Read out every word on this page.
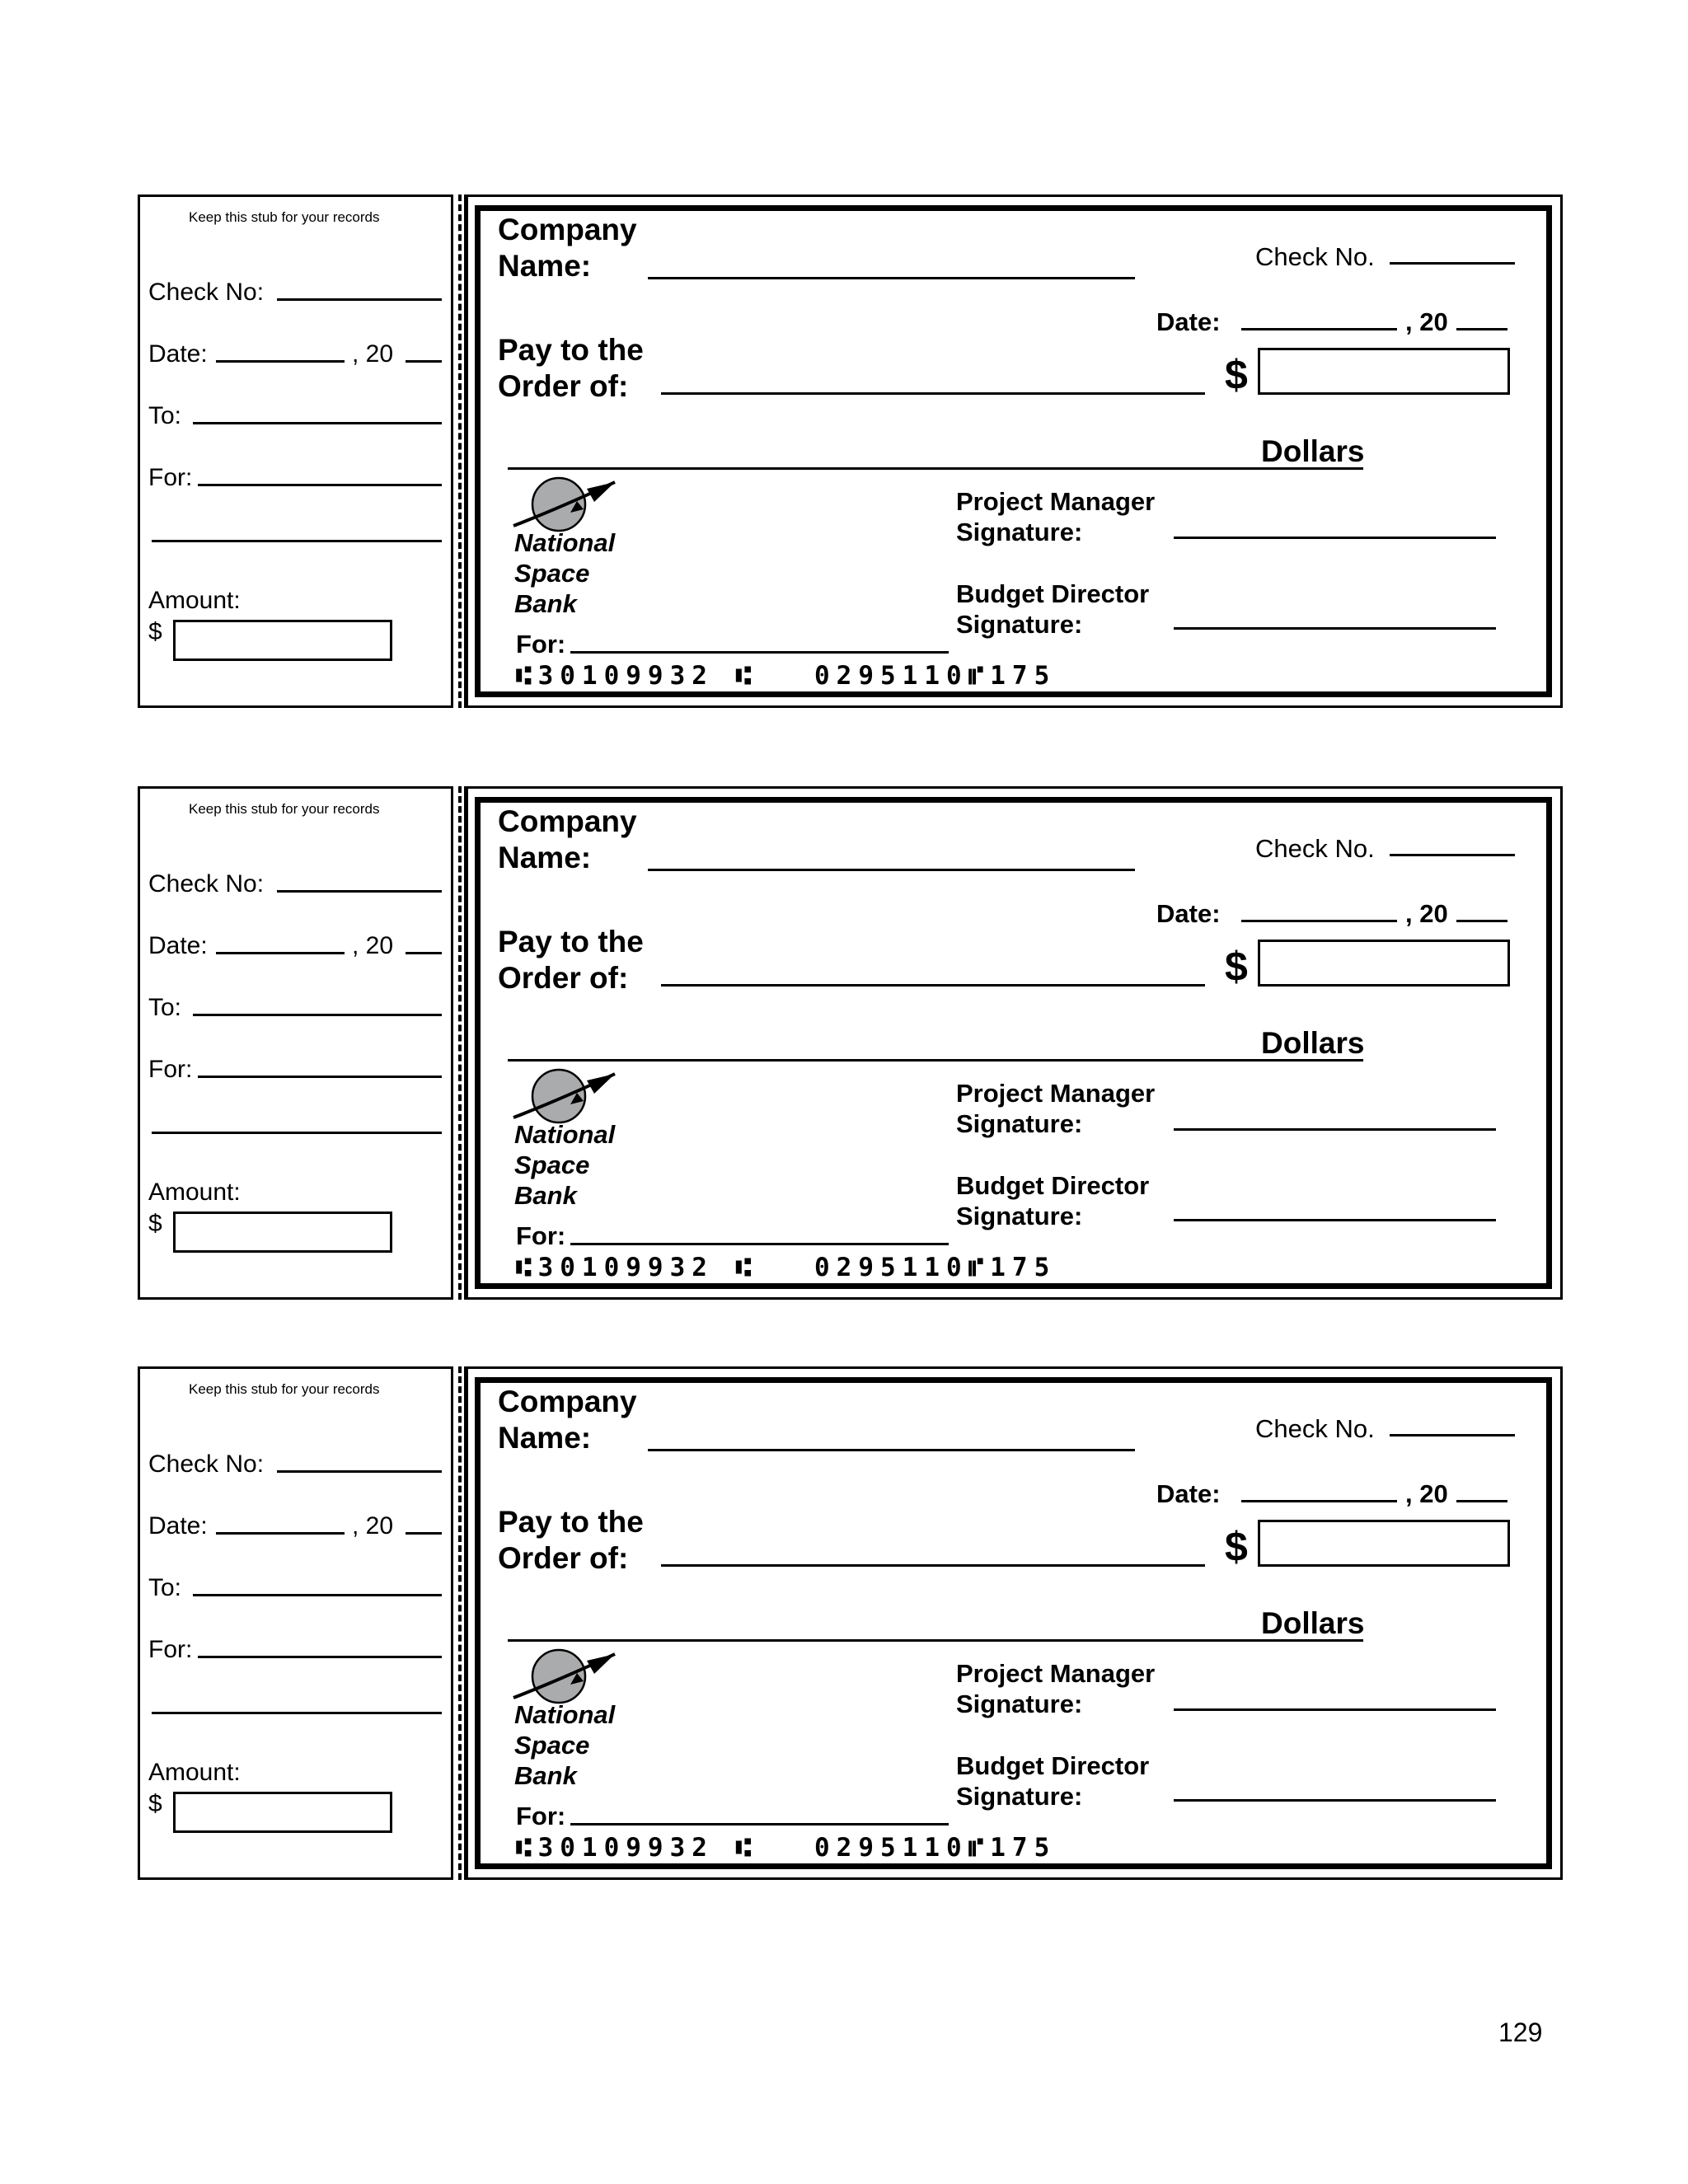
Keep this stub for your records
Check No:
Date:	, 20
To:
For:
Amount:
$
Company
Name:	Check No.
Date:	, 20
Pay to the
Order of:	$
Dollars
National
Space
Bank
Project Manager
Signature:
Budget Director
Signature:
For:
⑆30109932 ⑆ 0295110⑈175
Keep this stub for your records
Check No:
Date:	, 20
To:
For:
Amount:
$
Company
Name:	Check No.
Date:	, 20
Pay to the
Order of:	$
Dollars
National
Space
Bank
Project Manager
Signature:
Budget Director
Signature:
For:
⑆30109932 ⑆ 0295110⑈175
Keep this stub for your records
Check No:
Date:	, 20
To:
For:
Amount:
$
Company
Name:	Check No.
Date:	, 20
Pay to the
Order of:	$
Dollars
National
Space
Bank
Project Manager
Signature:
Budget Director
Signature:
For:
⑆30109932 ⑆ 0295110⑈175
129
